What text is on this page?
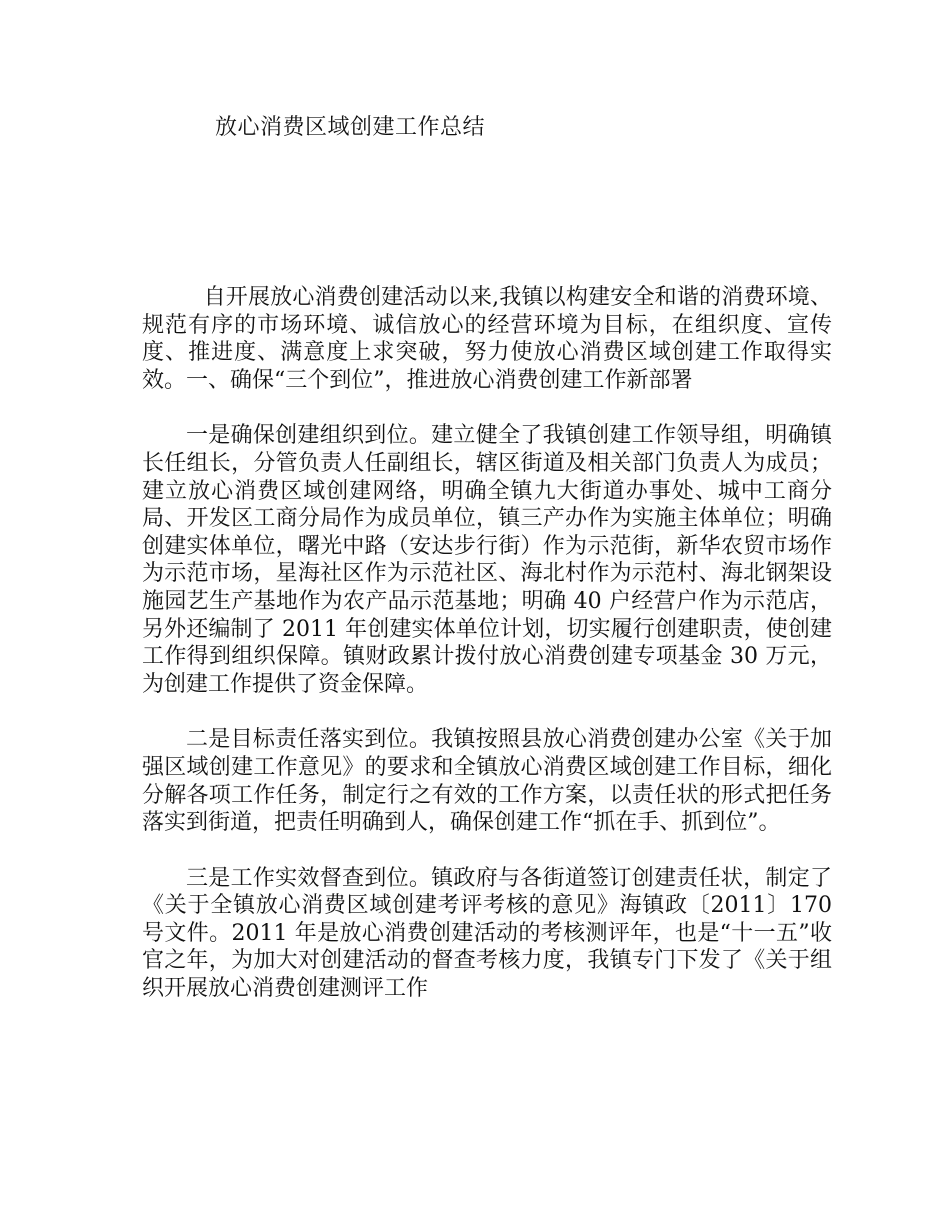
放心消费区域创建工作总结

自开展放心消费创建活动以来,我镇以构建安全和谐的消费环境、规范有序的市场环境、诚信放心的经营环境为目标，在组织度、宣传度、推进度、满意度上求突破，努力使放心消费区域创建工作取得实效。一、确保“三个到位”，推进放心消费创建工作新部署

一是确保创建组织到位。建立健全了我镇创建工作领导组，明确镇长任组长，分管负责人任副组长，辖区街道及相关部门负责人为成员；建立放心消费区域创建网络，明确全镇九大街道办事处、城中工商分局、开发区工商分局作为成员单位，镇三产办作为实施主体单位；明确创建实体单位，曙光中路（安达步行街）作为示范街，新华农贸市场作为示范市场，星海社区作为示范社区、海北村作为示范村、海北钢架设施园艺生产基地作为农产品示范基地；明确 40 户经营户作为示范店，另外还编制了 2011 年创建实体单位计划，切实履行创建职责，使创建工作得到组织保障。镇财政累计拨付放心消费创建专项基金 30 万元，为创建工作提供了资金保障。

二是目标责任落实到位。我镇按照县放心消费创建办公室《关于加强区域创建工作意见》的要求和全镇放心消费区域创建工作目标，细化分解各项工作任务，制定行之有效的工作方案，以责任状的形式把任务落实到街道，把责任明确到人，确保创建工作“抓在手、抓到位”。

三是工作实效督查到位。镇政府与各街道签订创建责任状，制定了《关于全镇放心消费区域创建考评考核的意见》海镇政〔2011〕170 号文件。2011 年是放心消费创建活动的考核测评年，也是“十一五”收官之年，为加大对创建活动的督查考核力度，我镇专门下发了《关于组织开展放心消费创建测评工作
